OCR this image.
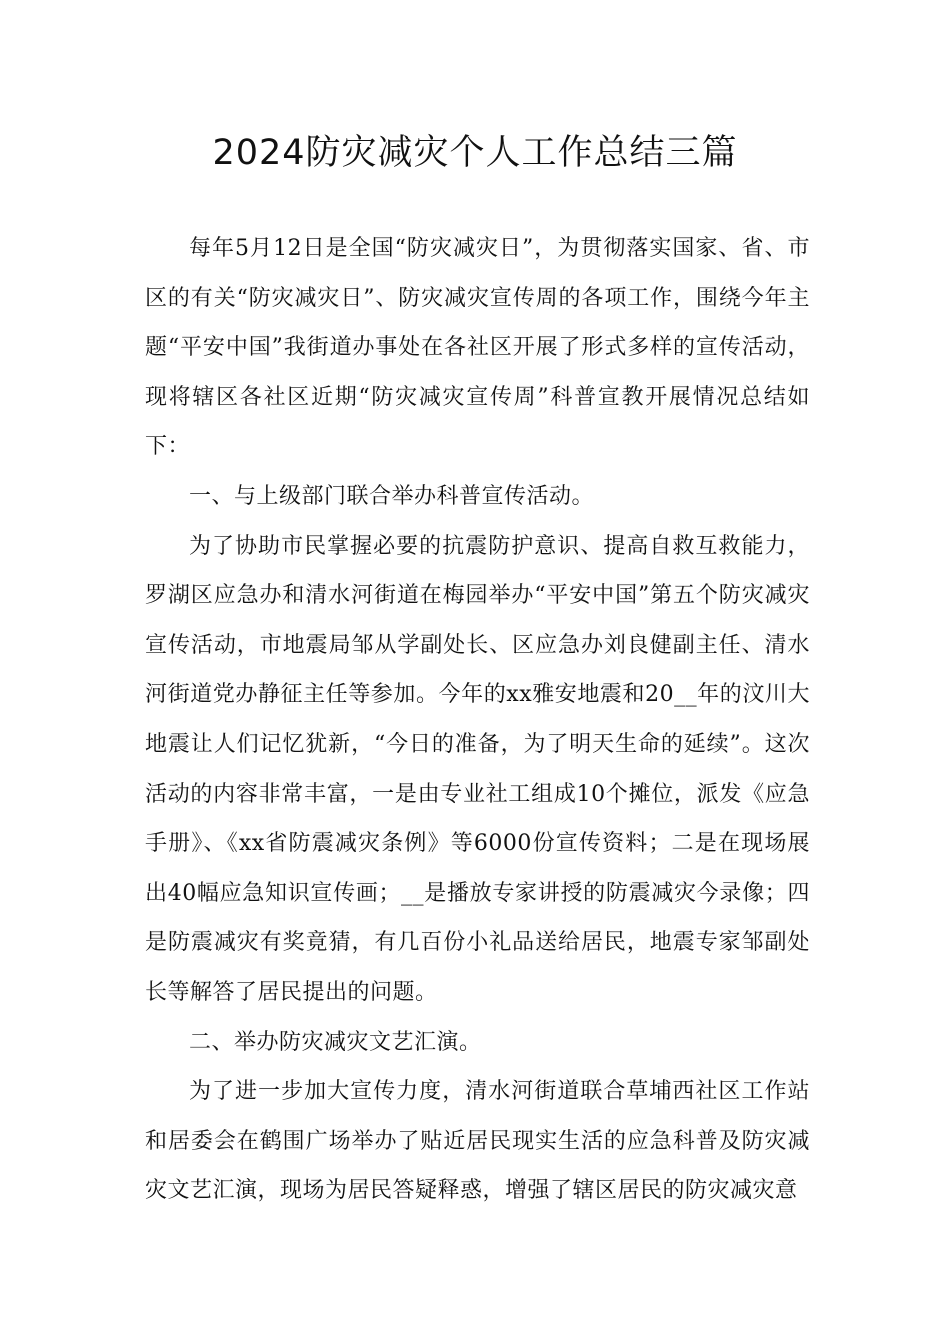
2024防灾减灾个人工作总结三篇

每年5月12日是全国“防灾减灾日”，为贯彻落实国家、省、市区的有关“防灾减灾日”、防灾减灾宣传周的各项工作，围绕今年主题“平安中国”我街道办事处在各社区开展了形式多样的宣传活动，现将辖区各社区近期“防灾减灾宣传周”科普宣教开展情况总结如下：

一、与上级部门联合举办科普宣传活动。

为了协助市民掌握必要的抗震防护意识、提高自救互救能力，罗湖区应急办和清水河街道在梅园举办“平安中国”第五个防灾减灾宣传活动，市地震局邹从学副处长、区应急办刘良健副主任、清水河街道党办静征主任等参加。今年的xx雅安地震和20__年的汶川大地震让人们记忆犹新，“今日的准备，为了明天生命的延续”。这次活动的内容非常丰富，一是由专业社工组成10个摊位，派发《应急手册》、《xx省防震减灾条例》等6000份宣传资料；二是在现场展出40幅应急知识宣传画；__是播放专家讲授的防震减灾今录像；四是防震减灾有奖竟猜，有几百份小礼品送给居民，地震专家邹副处长等解答了居民提出的问题。

二、举办防灾减灾文艺汇演。

为了进一步加大宣传力度，清水河街道联合草埔西社区工作站和居委会在鹤围广场举办了贴近居民现实生活的应急科普及防灾减灾文艺汇演，现场为居民答疑释惑，增强了辖区居民的防灾减灾意
